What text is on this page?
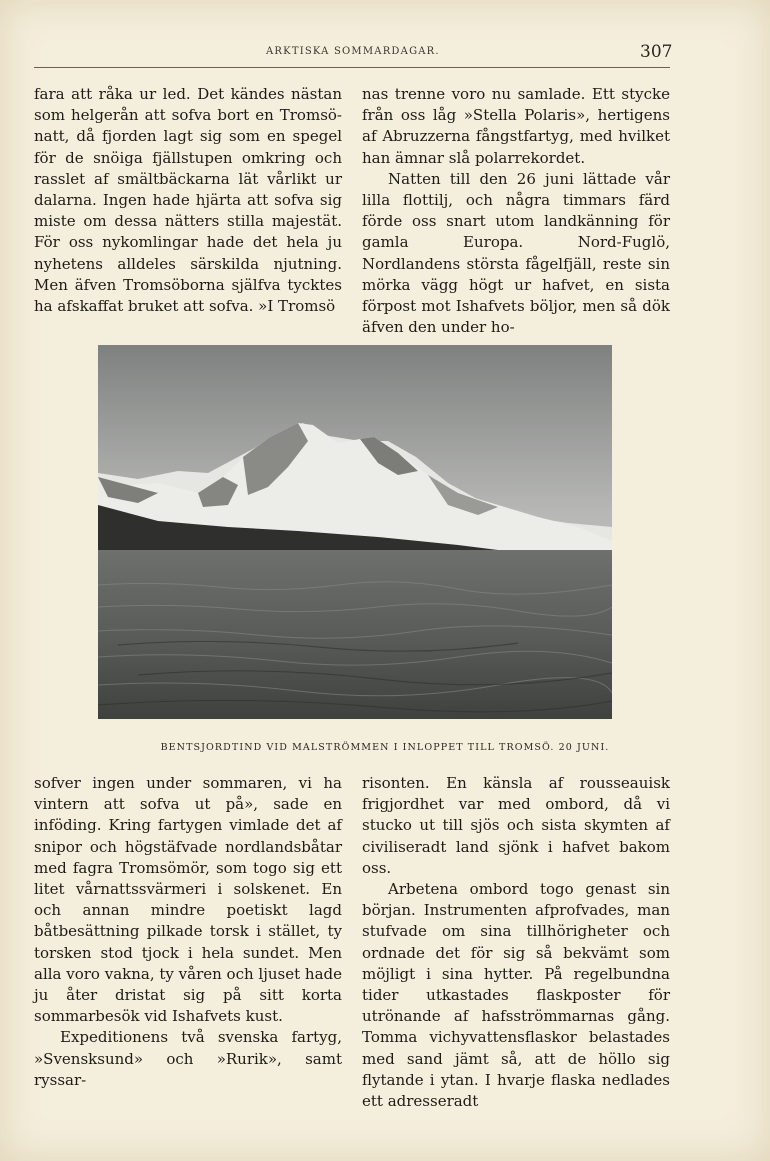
ARKTISKA SOMMARDAGAR.	307

fara att råka ur led. Det kändes nästan som helgerån att sofva bort en Tromsö-natt, då fjorden lagt sig som en spegel för de snöiga fjällstupen omkring och rasslet af smältbäckarna lät vårlikt ur dalarna. Ingen hade hjärta att sofva sig miste om dessa nätters stilla majestät. För oss nykomlingar hade det hela ju nyhetens alldeles särskilda njutning. Men äfven Tromsöborna själfva tycktes ha afskaffat bruket att sofva. »I Tromsö

nas trenne voro nu samlade. Ett stycke från oss låg »Stella Polaris», hertigens af Abruzzerna fångstfartyg, med hvilket han ämnar slå polarrekordet.

Natten till den 26 juni lättade vår lilla flottilj, och några timmars färd förde oss snart utom landkänning för gamla Europa. Nord-Fuglö, Nordlandens största fågelfjäll, reste sin mörka vägg högt ur hafvet, en sista förpost mot Ishafvets böljor, men så dök äfven den under ho-

BENTSJORDTIND VID MALSTRÖMMEN I INLOPPET TILL TROMSÖ. 20 JUNI.

sofver ingen under sommaren, vi ha vintern att sofva ut på», sade en inföding. Kring fartygen vimlade det af snipor och högstäfvade nordlandsbåtar med fagra Tromsömör, som togo sig ett litet vårnattssvärmeri i solskenet. En och annan mindre poetiskt lagd båtbesättning pilkade torsk i stället, ty torsken stod tjock i hela sundet. Men alla voro vakna, ty våren och ljuset hade ju åter dristat sig på sitt korta sommarbesök vid Ishafvets kust.

Expeditionens två svenska fartyg, »Svensksund» och »Rurik», samt ryssar-

risonten. En känsla af rousseauisk frigjordhet var med ombord, då vi stucko ut till sjös och sista skymten af civiliseradt land sjönk i hafvet bakom oss.

Arbetena ombord togo genast sin början. Instrumenten afprofvades, man stufvade om sina tillhörigheter och ordnade det för sig så bekvämt som möjligt i sina hytter. På regelbundna tider utkastades flaskposter för utrönande af hafsströmmarnas gång. Tomma vichyvattensflaskor belastades med sand jämt så, att de höllo sig flytande i ytan. I hvarje flaska nedlades ett adresseradt
